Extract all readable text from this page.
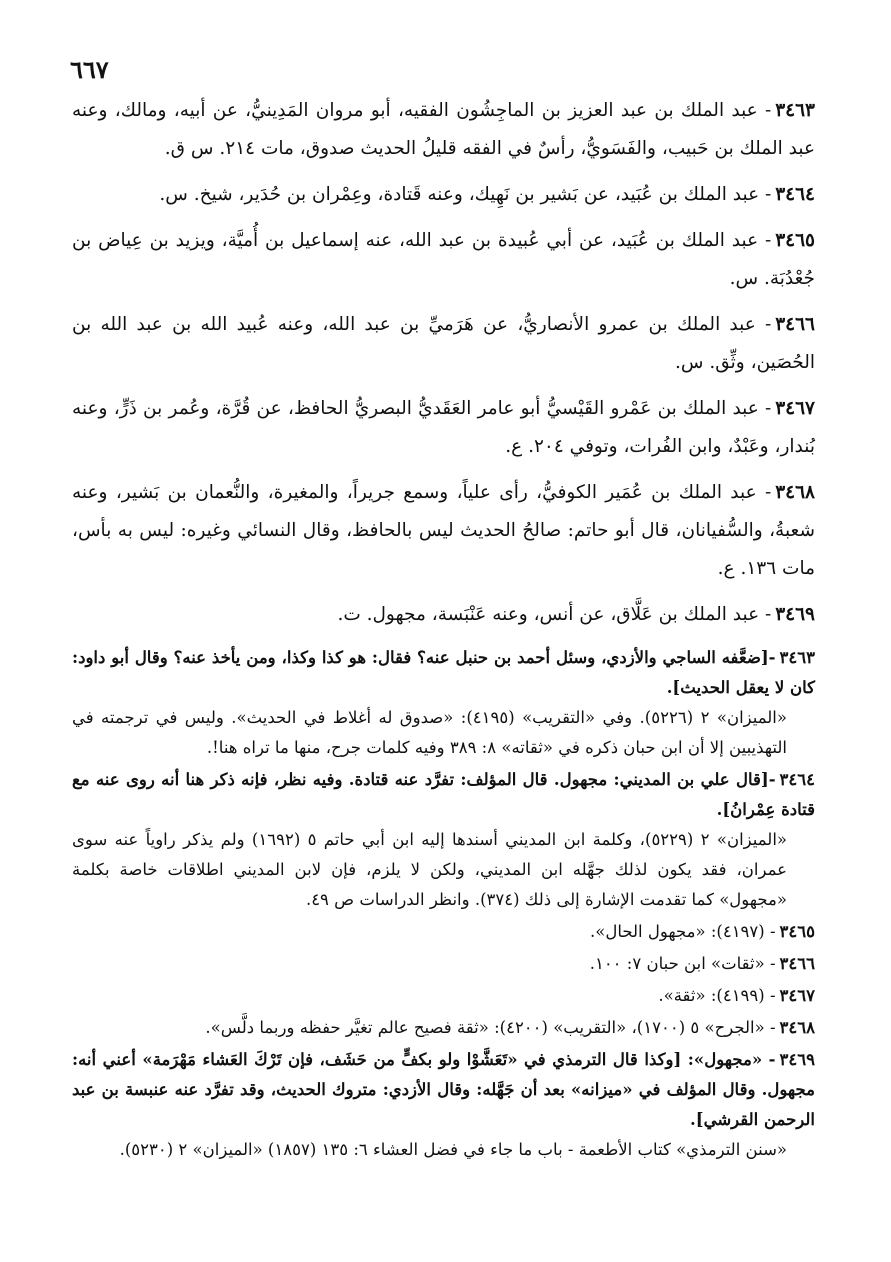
٦٦٧

٣٤٦٣- عبد الملك بن عبد العزيز بن الماجِشُون الفقيه، أبو مروان المَدِينيُّ، عن أبيه، ومالك، وعنه عبد الملك بن حَبيب، والفَسَويُّ، رأسٌ في الفقه قليلُ الحديث صدوق، مات ٢١٤. س ق.

٣٤٦٤- عبد الملك بن عُبَيد، عن بَشير بن نَهِيك، وعنه قَتادة، وعِمْران بن حُدَير، شيخ. س.

٣٤٦٥- عبد الملك بن عُبَيد، عن أبي عُبيدة بن عبد الله، عنه إسماعيل بن أُميَّة، ويزيد بن عِياض بن جُعْدُبَة. س.

٣٤٦٦- عبد الملك بن عمرو الأنصاريُّ، عن هَرَميِّ بن عبد الله، وعنه عُبيد الله بن عبد الله بن الحُصَين، وثِّق. س.

٣٤٦٧- عبد الملك بن عَمْرو القَيْسيُّ أبو عامر العَقَديُّ البصريُّ الحافظ، عن قُرَّة، وعُمر بن ذَرٍّ، وعنه بُندار، وعَبْدٌ، وابن الفُرات، وتوفي ٢٠٤. ع.

٣٤٦٨- عبد الملك بن عُمَير الكوفيُّ، رأى علياً، وسمع جريراً، والمغيرة، والنُّعمان بن بَشير، وعنه شعبةُ، والسُّفيانان، قال أبو حاتم: صالحُ الحديث ليس بالحافظ، وقال النسائي وغيره: ليس به بأس، مات ١٣٦. ع.

٣٤٦٩- عبد الملك بن عَلَّاق، عن أنس، وعنه عَنْبَسة، مجهول. ت.

٣٤٦٣-[ضعَّفه الساجي والأزدي، وسئل أحمد بن حنبل عنه؟ فقال: هو كذا وكذا، ومن يأخذ عنه؟ وقال أبو داود: كان لا يعقل الحديث].
«الميزان» ٢ (٥٢٢٦). وفي «التقريب» (٤١٩٥): «صدوق له أغلاط في الحديث». وليس في ترجمته في التهذيبين إلا أن ابن حبان ذكره في «ثقاته» ٨: ٣٨٩ وفيه كلمات جرح، منها ما تراه هنا!.
٣٤٦٤-[قال علي بن المديني: مجهول. قال المؤلف: تفرَّد عنه قتادة. وفيه نظر، فإنه ذكر هنا أنه روى عنه مع قتادة عِمْرانُ].
«الميزان» ٢ (٥٢٢٩)، وكلمة ابن المديني أسندها إليه ابن أبي حاتم ٥ (١٦٩٢) ولم يذكر راوياً عنه سوى عمران، فقد يكون لذلك جهَّله ابن المديني، ولكن لا يلزم، فإن لابن المديني اطلاقات خاصة بكلمة «مجهول» كما تقدمت الإشارة إلى ذلك (٣٧٤). وانظر الدراسات ص ٤٩.
٣٤٦٥- (٤١٩٧): «مجهول الحال».
٣٤٦٦- «ثقات» ابن حبان ٧: ١٠٠.
٣٤٦٧- (٤١٩٩): «ثقة».
٣٤٦٨- «الجرح» ٥ (١٧٠٠)، «التقريب» (٤٢٠٠): «ثقة فصيح عالم تغيَّر حفظه وربما دلَّس».
٣٤٦٩- «مجهول»: [وكذا قال الترمذي في «تَعَشَّوْا ولو بكفٍّ من حَشَف، فإن تَرْكَ العَشاء مَهْرَمة» أعني أنه: مجهول. وقال المؤلف في «ميزانه» بعد أن جَهَّله: وقال الأزدي: متروك الحديث، وقد تفرَّد عنه عنبسة بن عبد الرحمن القرشي].
«سنن الترمذي» كتاب الأطعمة - باب ما جاء في فضل العشاء ٦: ١٣٥ (١٨٥٧) «الميزان» ٢ (٥٢٣٠).
